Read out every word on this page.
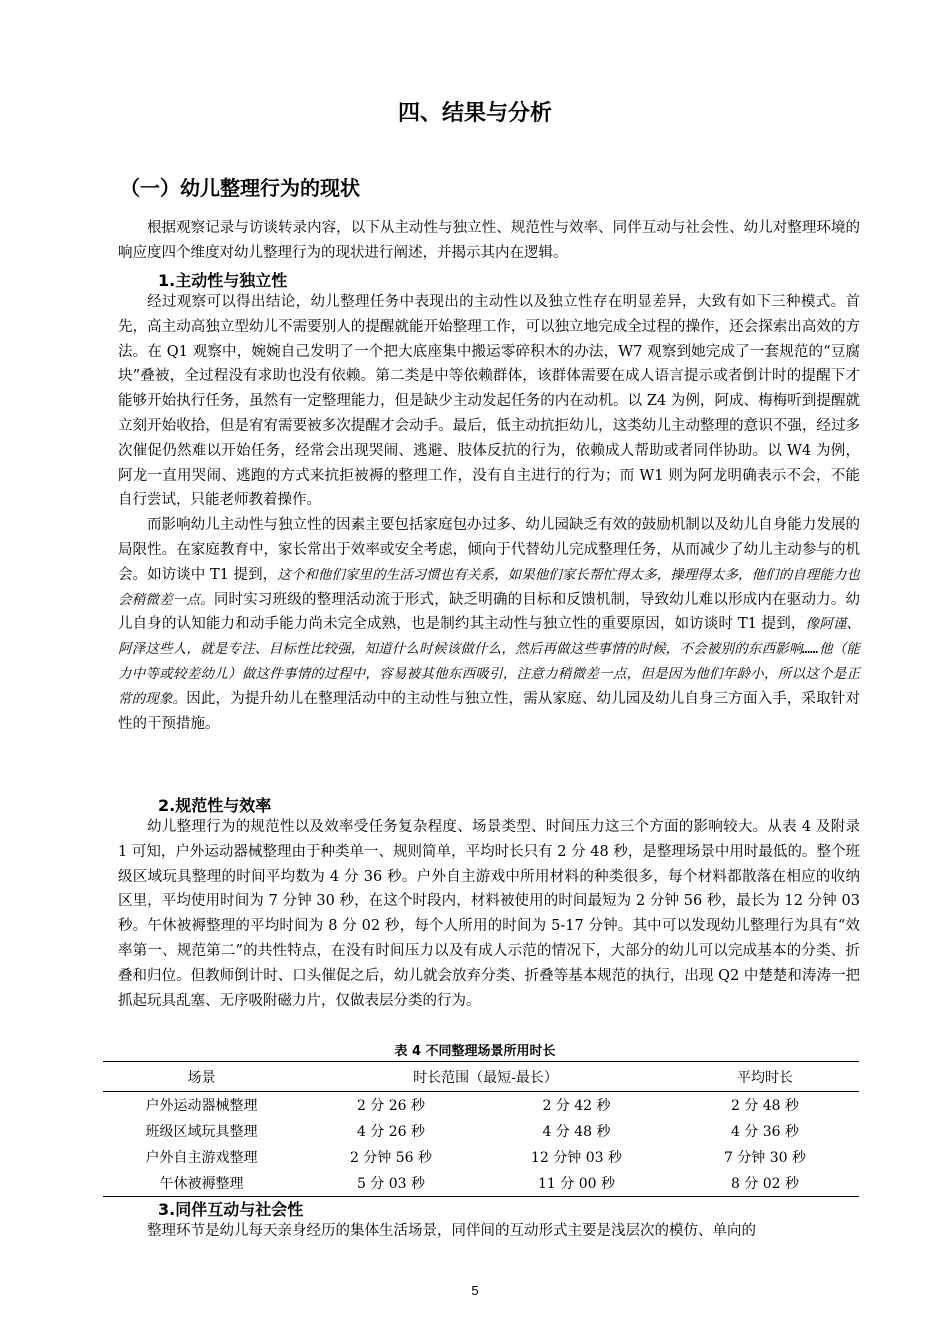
四、结果与分析
（一）幼儿整理行为的现状

根据观察记录与访谈转录内容，以下从主动性与独立性、规范性与效率、同伴互动与社会性、幼儿对整理环境的响应度四个维度对幼儿整理行为的现状进行阐述，并揭示其内在逻辑。

1.主动性与独立性

经过观察可以得出结论，幼儿整理任务中表现出的主动性以及独立性存在明显差异，大致有如下三种模式。首先，高主动高独立型幼儿不需要别人的提醒就能开始整理工作，可以独立地完成全过程的操作，还会探索出高效的方法。在 Q1 观察中，婉婉自己发明了一个把大底座集中搬运零碎积木的办法，W7 观察到她完成了一套规范的“豆腐块”叠被，全过程没有求助也没有依赖。第二类是中等依赖群体，该群体需要在成人语言提示或者倒计时的提醒下才能够开始执行任务，虽然有一定整理能力，但是缺少主动发起任务的内在动机。以 Z4 为例，阿成、梅梅听到提醒就立刻开始收拾，但是宥宥需要被多次提醒才会动手。最后，低主动抗拒幼儿，这类幼儿主动整理的意识不强，经过多次催促仍然难以开始任务，经常会出现哭闹、逃避、肢体反抗的行为，依赖成人帮助或者同伴协助。以 W4 为例，阿龙一直用哭闹、逃跑的方式来抗拒被褥的整理工作，没有自主进行的行为；而 W1 则为阿龙明确表示不会，不能自行尝试，只能老师教着操作。

而影响幼儿主动性与独立性的因素主要包括家庭包办过多、幼儿园缺乏有效的鼓励机制以及幼儿自身能力发展的局限性。在家庭教育中，家长常出于效率或安全考虑，倾向于代替幼儿完成整理任务，从而减少了幼儿主动参与的机会。如访谈中 T1 提到，这个和他们家里的生活习惯也有关系，如果他们家长帮忙得太多，操理得太多，他们的自理能力也会稍微差一点。同时实习班级的整理活动流于形式，缺乏明确的目标和反馈机制，导致幼儿难以形成内在驱动力。幼儿自身的认知能力和动手能力尚未完全成熟，也是制约其主动性与独立性的重要原因，如访谈时 T1 提到，像阿谨、阿泽这些人，就是专注、目标性比较强，知道什么时候该做什么，然后再做这些事情的时候，不会被别的东西影响……他（能力中等或较差幼儿）做这件事情的过程中，容易被其他东西吸引，注意力稍微差一点，但是因为他们年龄小，所以这个是正常的现象。因此，为提升幼儿在整理活动中的主动性与独立性，需从家庭、幼儿园及幼儿自身三方面入手，采取针对性的干预措施。

2.规范性与效率

幼儿整理行为的规范性以及效率受任务复杂程度、场景类型、时间压力这三个方面的影响较大。从表 4 及附录 1 可知，户外运动器械整理由于种类单一、规则简单，平均时长只有 2 分 48 秒，是整理场景中用时最低的。整个班级区域玩具整理的时间平均数为 4 分 36 秒。户外自主游戏中所用材料的种类很多，每个材料都散落在相应的收纳区里，平均使用时间为 7 分钟 30 秒，在这个时段内，材料被使用的时间最短为 2 分钟 56 秒，最长为 12 分钟 03 秒。午休被褥整理的平均时间为 8 分 02 秒，每个人所用的时间为 5-17 分钟。其中可以发现幼儿整理行为具有“效率第一、规范第二”的共性特点，在没有时间压力以及有成人示范的情况下，大部分的幼儿可以完成基本的分类、折叠和归位。但教师倒计时、口头催促之后，幼儿就会放弃分类、折叠等基本规范的执行，出现 Q2 中楚楚和涛涛一把抓起玩具乱塞、无序吸附磁力片，仅做表层分类的行为。

表 4 不同整理场景所用时长
场景	时长范围（最短-最长）		平均时长
户外运动器械整理	2 分 26 秒	2 分 42 秒	2 分 48 秒
班级区域玩具整理	4 分 26 秒	4 分 48 秒	4 分 36 秒
户外自主游戏整理	2 分钟 56 秒	12 分钟 03 秒	7 分钟 30 秒
午休被褥整理	5 分 03 秒	11 分 00 秒	8 分 02 秒
3.同伴互动与社会性

整理环节是幼儿每天亲身经历的集体生活场景，同伴间的互动形式主要是浅层次的模仿、单向的

5
